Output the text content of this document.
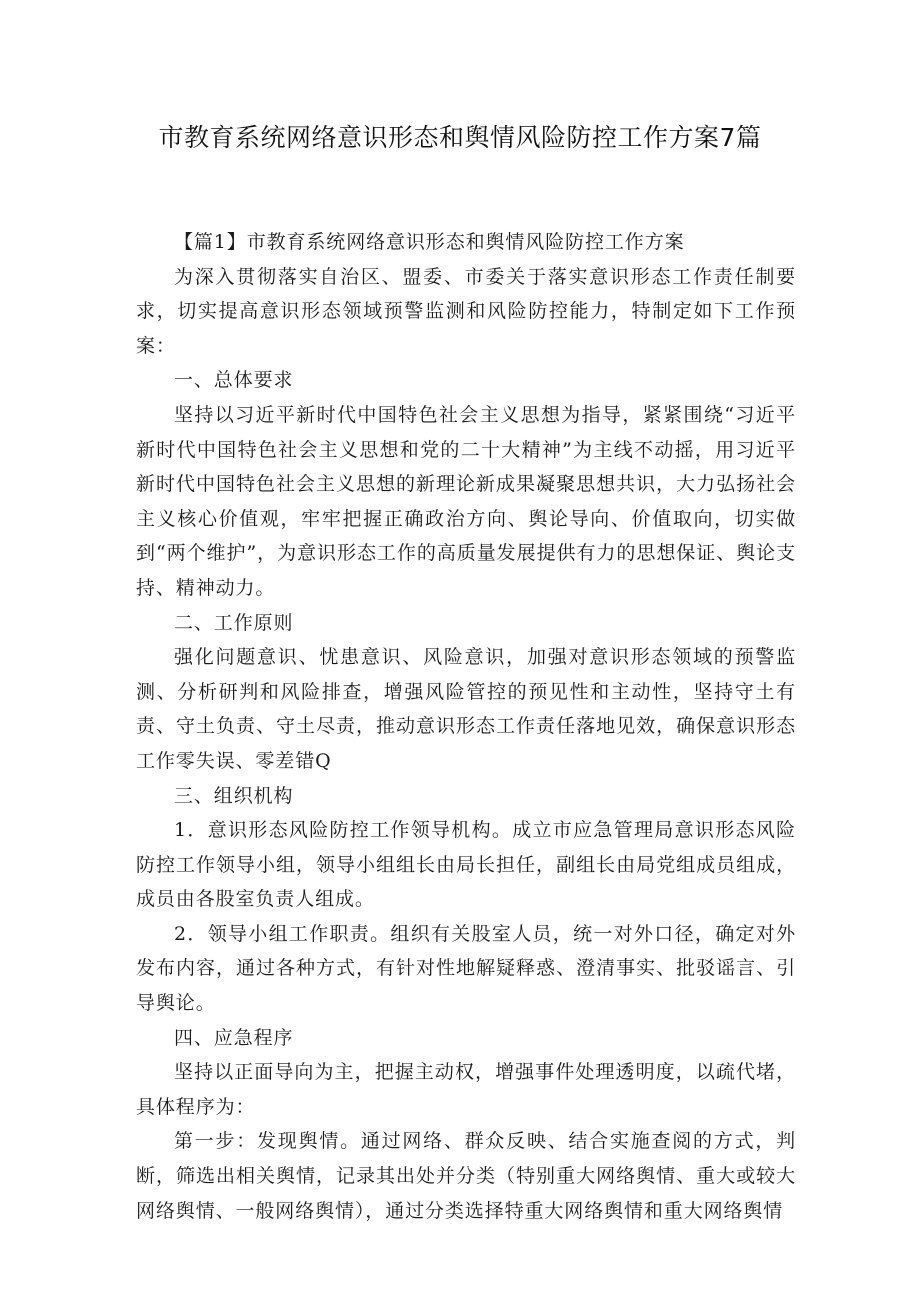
市教育系统网络意识形态和舆情风险防控工作方案7篇

【篇1】市教育系统网络意识形态和舆情风险防控工作方案

为深入贯彻落实自治区、盟委、市委关于落实意识形态工作责任制要求，切实提高意识形态领域预警监测和风险防控能力，特制定如下工作预案：

一、总体要求

坚持以习近平新时代中国特色社会主义思想为指导，紧紧围绕“习近平新时代中国特色社会主义思想和党的二十大精神”为主线不动摇，用习近平新时代中国特色社会主义思想的新理论新成果凝聚思想共识，大力弘扬社会主义核心价值观，牢牢把握正确政治方向、舆论导向、价值取向，切实做到“两个维护”，为意识形态工作的高质量发展提供有力的思想保证、舆论支持、精神动力。

二、工作原则

强化问题意识、忧患意识、风险意识，加强对意识形态领域的预警监测、分析研判和风险排查，增强风险管控的预见性和主动性，坚持守土有责、守土负责、守土尽责，推动意识形态工作责任落地见效，确保意识形态工作零失误、零差错Q

三、组织机构

1．意识形态风险防控工作领导机构。成立市应急管理局意识形态风险防控工作领导小组，领导小组组长由局长担任，副组长由局党组成员组成，成员由各股室负责人组成。

2．领导小组工作职责。组织有关股室人员，统一对外口径，确定对外发布内容，通过各种方式，有针对性地解疑释惑、澄清事实、批驳谣言、引导舆论。

四、应急程序

坚持以正面导向为主，把握主动权，增强事件处理透明度，以疏代堵，具体程序为：

第一步：发现舆情。通过网络、群众反映、结合实施查阅的方式，判断，筛选出相关舆情，记录其出处并分类（特别重大网络舆情、重大或较大网络舆情、一般网络舆情），通过分类选择特重大网络舆情和重大网络舆情
